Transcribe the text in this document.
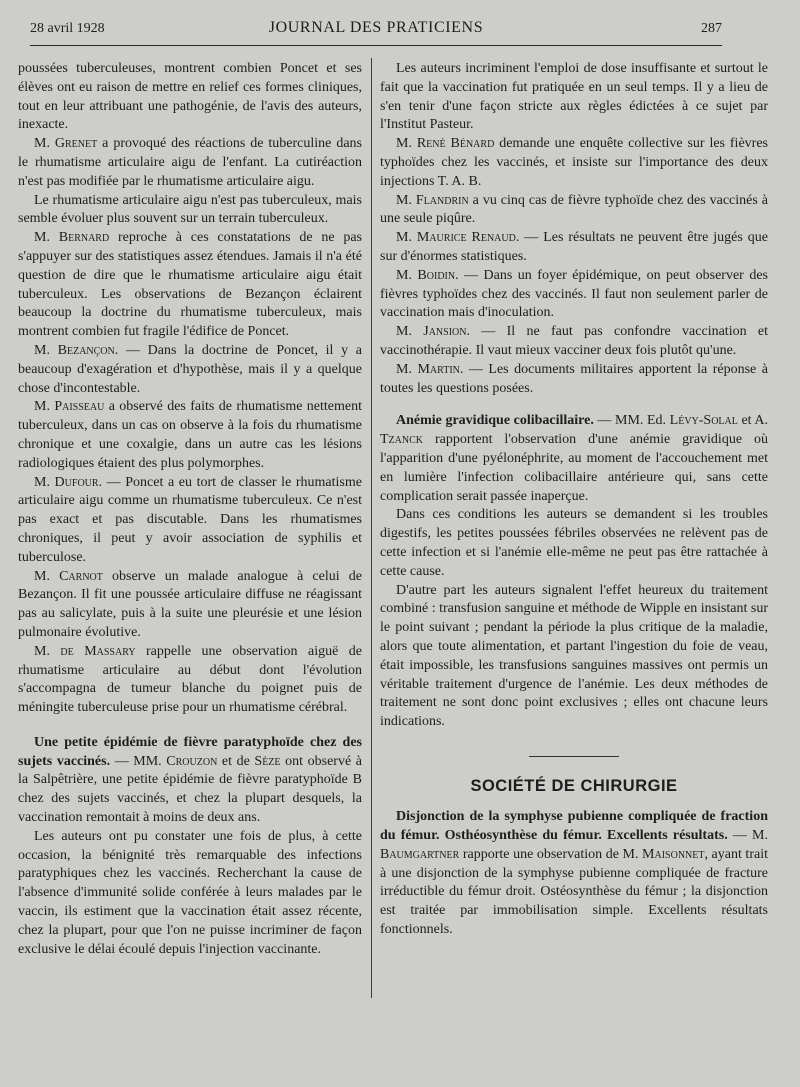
28 avril 1928	JOURNAL DES PRATICIENS	287

poussées tuberculeuses, montrent combien Poncet et ses élèves ont eu raison de mettre en relief ces formes cliniques, tout en leur attribuant une pathogénie, de l'avis des auteurs, inexacte.

M. Grenet a provoqué des réactions de tuberculine dans le rhumatisme articulaire aigu de l'enfant. La cutiréaction n'est pas modifiée par le rhumatisme articulaire aigu.

Le rhumatisme articulaire aigu n'est pas tuberculeux, mais semble évoluer plus souvent sur un terrain tuberculeux.

M. Bernard reproche à ces constatations de ne pas s'appuyer sur des statistiques assez étendues. Jamais il n'a été question de dire que le rhumatisme articulaire aigu était tuberculeux. Les observations de Bezançon éclairent beaucoup la doctrine du rhumatisme tuberculeux, mais montrent combien fut fragile l'édifice de Poncet.

M. Bezançon. — Dans la doctrine de Poncet, il y a beaucoup d'exagération et d'hypothèse, mais il y a quelque chose d'incontestable.

M. Paisseau a observé des faits de rhumatisme nettement tuberculeux, dans un cas on observe à la fois du rhumatisme chronique et une coxalgie, dans un autre cas les lésions radiologiques étaient des plus polymorphes.

M. Dufour. — Poncet a eu tort de classer le rhumatisme articulaire aigu comme un rhumatisme tuberculeux. Ce n'est pas exact et pas discutable. Dans les rhumatismes chroniques, il peut y avoir association de syphilis et tuberculose.

M. Carnot observe un malade analogue à celui de Bezançon. Il fit une poussée articulaire diffuse ne réagissant pas au salicylate, puis à la suite une pleurésie et une lésion pulmonaire évolutive.

M. de Massary rappelle une observation aiguë de rhumatisme articulaire au début dont l'évolution s'accompagna de tumeur blanche du poignet puis de méningite tuberculeuse prise pour un rhumatisme cérébral.

Une petite épidémie de fièvre paratyphoïde chez des sujets vaccinés. — MM. Crouzon et de Sèze ont observé à la Salpêtrière, une petite épidémie de fièvre paratyphoïde B chez des sujets vaccinés, et chez la plupart desquels, la vaccination remontait à moins de deux ans.

Les auteurs ont pu constater une fois de plus, à cette occasion, la bénignité très remarquable des infections paratyphiques chez les vaccinés. Recherchant la cause de l'absence d'immunité solide conférée à leurs malades par le vaccin, ils estiment que la vaccination était assez récente, chez la plupart, pour que l'on ne puisse incriminer de façon exclusive le délai écoulé depuis l'injection vaccinante.

Les auteurs incriminent l'emploi de dose insuffisante et surtout le fait que la vaccination fut pratiquée en un seul temps. Il y a lieu de s'en tenir d'une façon stricte aux règles édictées à ce sujet par l'Institut Pasteur.

M. René Bénard demande une enquête collective sur les fièvres typhoïdes chez les vaccinés, et insiste sur l'importance des deux injections T. A. B.

M. Flandrin a vu cinq cas de fièvre typhoïde chez des vaccinés à une seule piqûre.

M. Maurice Renaud. — Les résultats ne peuvent être jugés que sur d'énormes statistiques.

M. Boidin. — Dans un foyer épidémique, on peut observer des fièvres typhoïdes chez des vaccinés. Il faut non seulement parler de vaccination mais d'inoculation.

M. Jansion. — Il ne faut pas confondre vaccination et vaccinothérapie. Il vaut mieux vacciner deux fois plutôt qu'une.

M. Martin. — Les documents militaires apportent la réponse à toutes les questions posées.

Anémie gravidique colibacillaire. — MM. Ed. Lévy-Solal et A. Tzanck rapportent l'observation d'une anémie gravidique où l'apparition d'une pyélonéphrite, au moment de l'accouchement met en lumière l'infection colibacillaire antérieure qui, sans cette complication serait passée inaperçue.

Dans ces conditions les auteurs se demandent si les troubles digestifs, les petites poussées fébriles observées ne relèvent pas de cette infection et si l'anémie elle-même ne peut pas être rattachée à cette cause.

D'autre part les auteurs signalent l'effet heureux du traitement combiné : transfusion sanguine et méthode de Wipple en insistant sur le point suivant ; pendant la période la plus critique de la maladie, alors que toute alimentation, et partant l'ingestion du foie de veau, était impossible, les transfusions sanguines massives ont permis un véritable traitement d'urgence de l'anémie. Les deux méthodes de traitement ne sont donc point exclusives ; elles ont chacune leurs indications.

SOCIÉTÉ DE CHIRURGIE

Disjonction de la symphyse pubienne compliquée de fraction du fémur. Osthéosynthèse du fémur. Excellents résultats. — M. Baumgartner rapporte une observation de M. Maisonnet, ayant trait à une disjonction de la symphyse pubienne compliquée de fracture irréductible du fémur droit. Ostéosynthèse du fémur ; la disjonction est traitée par immobilisation simple. Excellents résultats fonctionnels.
